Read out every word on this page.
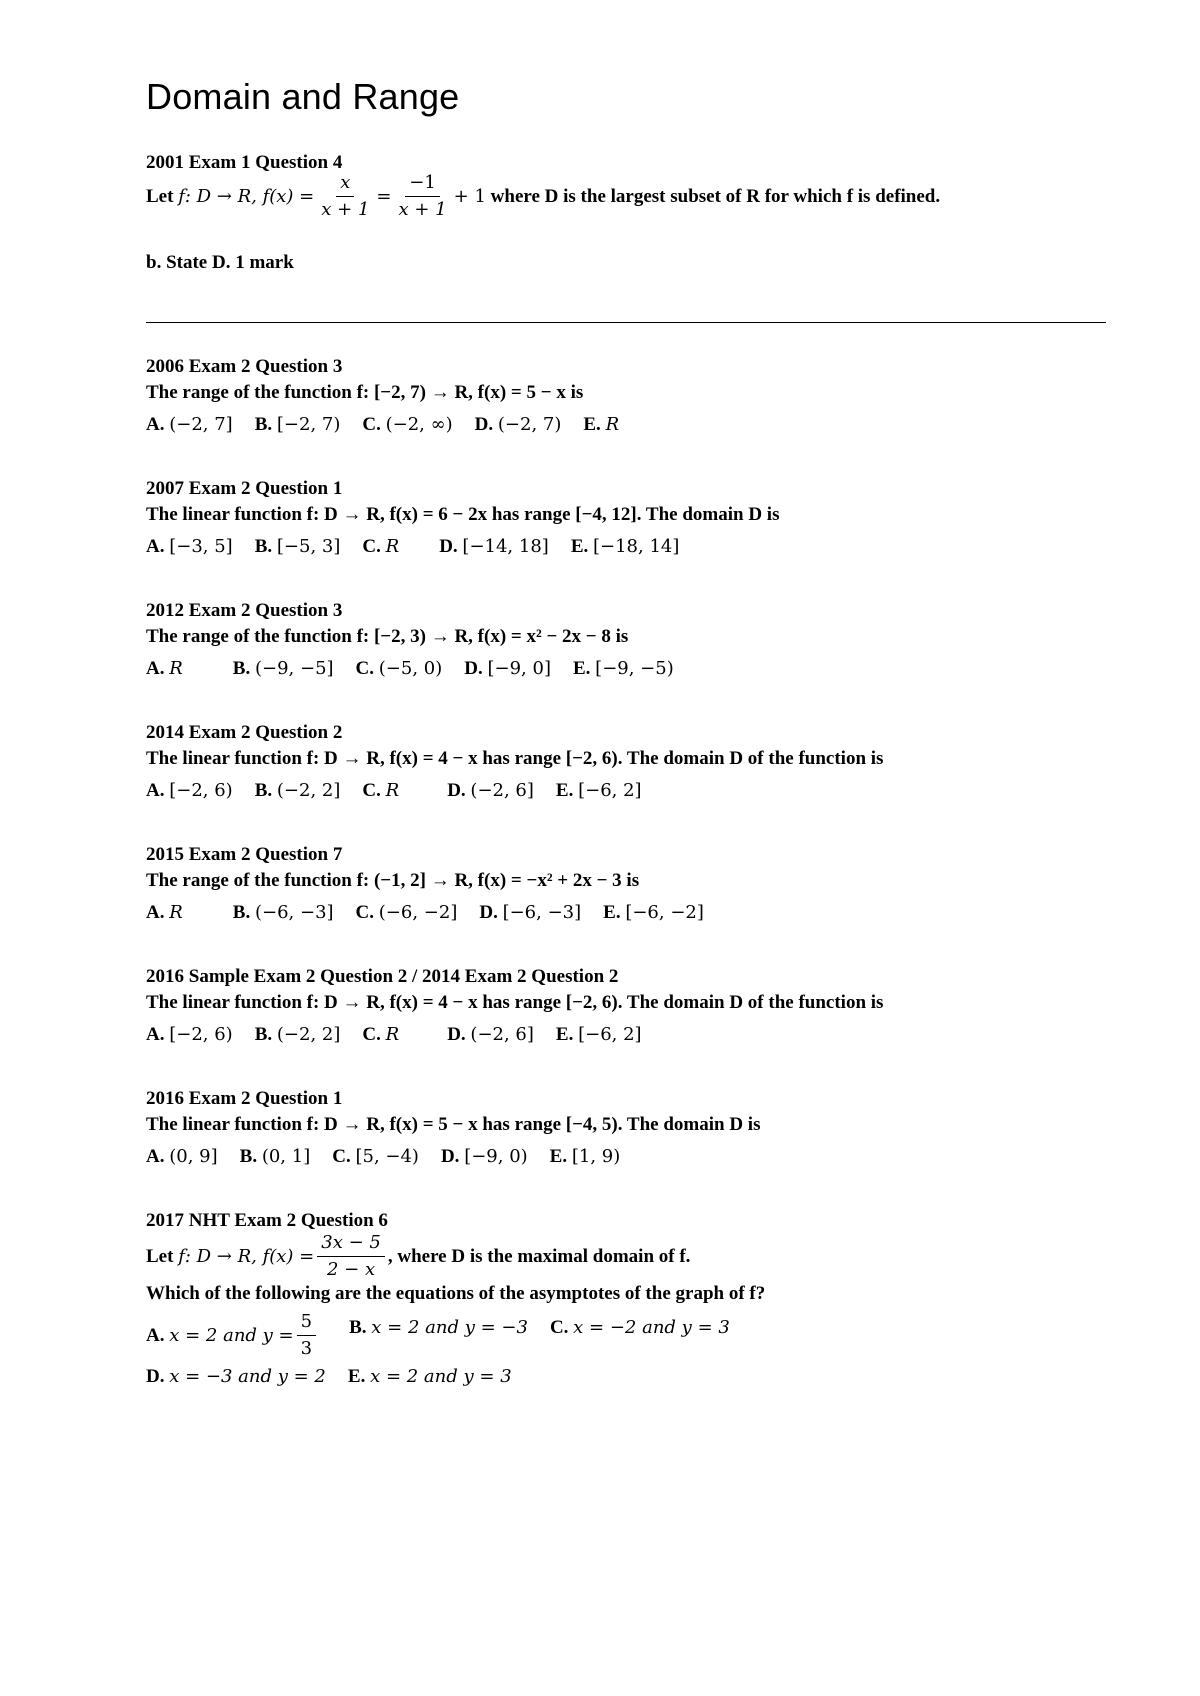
Domain and Range
2001 Exam 1 Question 4
Let
f: D → R, $f(x) = \frac{x}{x + 1} = \frac{-1}{x + 1} + 1$
where D is the largest subset of R for which f is defined.
b. State D. 1 mark
2006 Exam 2 Question 3
The range of the function f: [−2, 7) → R, f(x) = 5 − x is
A. (−2, 7] B. [−2, 7) C. (−2, ∞) D. (−2, 7) E. R
2007 Exam 2 Question 1
The linear function f: D → R, f(x) = 6 − 2x has range [−4, 12]. The domain D is
A. [−3, 5] B. [−5, 3] C. R D. [−14, 18] E. [−18, 14]
2012 Exam 2 Question 3
The range of the function f: [−2, 3) → R, f(x) = x² − 2x − 8 is
A. R	B. (−9, −5] C. (−5, 0) D. [−9, 0] E. [−9, −5)
2014 Exam 2 Question 2
The linear function f: D → R, f(x) = 4 − x has range [−2, 6). The domain D of the function is
A. [−2, 6) B. (−2, 2] C. R	D. (−2, 6] E. [−6, 2]
2015 Exam 2 Question 7
The range of the function f: (−1, 2] → R, f(x) = −x² + 2x − 3 is
A. R	B. (−6, −3] C. (−6, −2] D. [−6, −3] E. [−6, −2]
2016 Sample Exam 2 Question 2 / 2014 Exam 2 Question 2
The linear function f: D → R, f(x) = 4 − x has range [−2, 6). The domain D of the function is
A. [−2, 6) B. (−2, 2] C. R	D. (−2, 6] E. [−6, 2]
2016 Exam 2 Question 1
The linear function f: D → R, f(x) = 5 − x has range [−4, 5). The domain D is
A. (0, 9] B. (0, 1] C. [5, −4) D. [−9, 0) E. [1, 9)
2017 NHT Exam 2 Question 6
Let
f: D → R, $f(x) = \frac{3x - 5}{2 - x}$ , where D is the maximal domain of f.
Which of the following are the equations of the asymptotes of the graph of f?
A.
x = 2 and $y = \frac{5}{3} B$. x = 2 and y = −3 C. x = −2 and y = 3
D. x = −3 and y = 2 E. x = 2 and y = 3
